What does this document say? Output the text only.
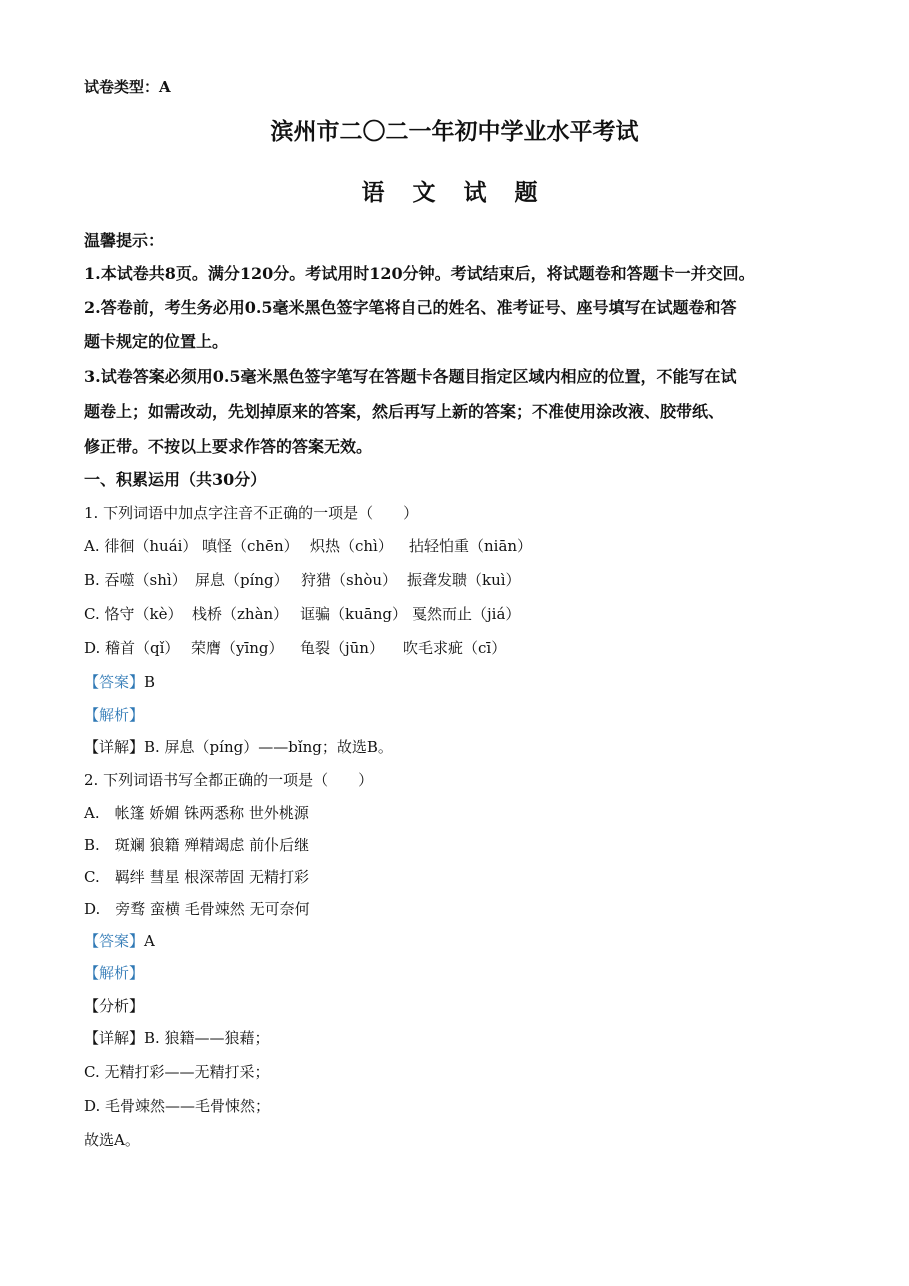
试卷类型：A
滨州市二〇二一年初中学业水平考试
语 文 试 题
温馨提示：
1.本试卷共8页。满分120分。考试用时120分钟。考试结束后，将试题卷和答题卡一并交回。
2.答卷前，考生务必用0.5毫米黑色签字笔将自己的姓名、准考证号、座号填写在试题卷和答
题卡规定的位置上。
3.试卷答案必须用0.5毫米黑色签字笔写在答题卡各题目指定区域内相应的位置，不能写在试
题卷上；如需改动，先划掉原来的答案，然后再写上新的答案；不准使用涂改液、胶带纸、
修正带。不按以上要求作答的答案无效。
一、积累运用（共30分）
1. 下列词语中加点字注音不正确的一项是（　　）
A. 徘徊（huái） 嗔怪（chēn） 炽热（chì） 拈轻怕重（niān）
B. 吞噬（shì） 屏息（píng） 狩猎（shòu） 振聋发聩（kuì）
C. 恪守（kè） 栈桥（zhàn） 诓骗（kuāng） 戛然而止（jiá）
D. 稽首（qǐ） 荣膺（yīng） 龟裂（jūn） 吹毛求疵（cī）
【答案】B
【解析】
【详解】B. 屏息（píng）——bǐng；故选B。
2. 下列词语书写全都正确的一项是（　　）
A.　帐篷 娇媚 铢两悉称 世外桃源
B.　斑斓 狼籍 殚精竭虑 前仆后继
C.　羁绊 彗星 根深蒂固 无精打彩
D.　旁骛 蛮横 毛骨竦然 无可奈何
【答案】A
【解析】
【分析】
【详解】B. 狼籍——狼藉；
C. 无精打彩——无精打采；
D. 毛骨竦然——毛骨悚然；
故选A。
